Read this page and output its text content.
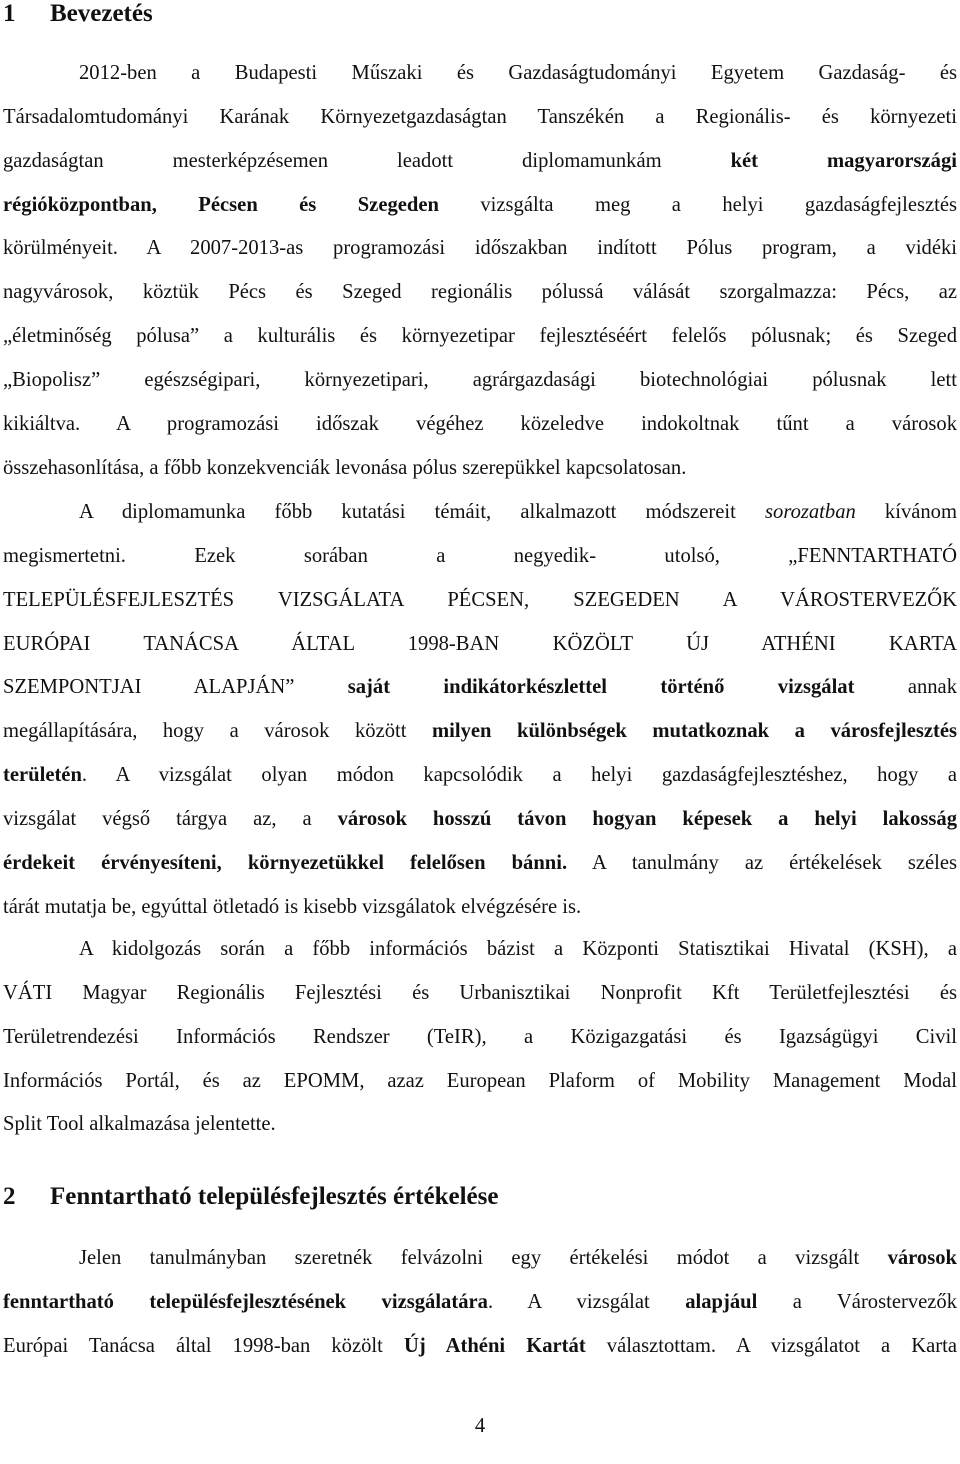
1 Bevezetés
2012-ben a Budapesti Műszaki és Gazdaságtudományi Egyetem Gazdaság- és
Társadalomtudományi Karának Környezetgazdaságtan Tanszékén a Regionális- és környezeti
gazdaságtan mesterképzésemen leadott diplomamunkám két magyarországi
régióközpontban, Pécsen és Szegeden vizsgálta meg a helyi gazdaságfejlesztés
körülményeit. A 2007-2013-as programozási időszakban indított Pólus program, a vidéki
nagyvárosok, köztük Pécs és Szeged regionális pólussá válását szorgalmazza: Pécs, az
„életminőség pólusa” a kulturális és környezetipar fejlesztéséért felelős pólusnak; és Szeged
„Biopolisz” egészségipari, környezetipari, agrárgazdasági biotechnológiai pólusnak lett
kikiáltva. A programozási időszak végéhez közeledve indokoltnak tűnt a városok
összehasonlítása, a főbb konzekvenciák levonása pólus szerepükkel kapcsolatosan.
A diplomamunka főbb kutatási témáit, alkalmazott módszereit sorozatban kívánom
megismertetni. Ezek sorában a negyedik- utolsó, „FENNTARTHATÓ
TELEPÜLÉSFEJLESZTÉS VIZSGÁLATA PÉCSEN, SZEGEDEN A VÁROSTERVEZŐK
EURÓPAI TANÁCSA ÁLTAL 1998-BAN KÖZÖLT ÚJ ATHÉNI KARTA
SZEMPONTJAI ALAPJÁN” saját indikátorkészlettel történő vizsgálat annak
megállapítására, hogy a városok között milyen különbségek mutatkoznak a városfejlesztés
területén. A vizsgálat olyan módon kapcsolódik a helyi gazdaságfejlesztéshez, hogy a
vizsgálat végső tárgya az, a városok hosszú távon hogyan képesek a helyi lakosság
érdekeit érvényesíteni, környezetükkel felelősen bánni. A tanulmány az értékelések széles
tárát mutatja be, egyúttal ötletadó is kisebb vizsgálatok elvégzésére is.
A kidolgozás során a főbb információs bázist a Központi Statisztikai Hivatal (KSH), a
VÁTI Magyar Regionális Fejlesztési és Urbanisztikai Nonprofit Kft Területfejlesztési és
Területrendezési Információs Rendszer (TeIR), a Közigazgatási és Igazságügyi Civil
Információs Portál, és az EPOMM, azaz European Plaform of Mobility Management Modal
Split Tool alkalmazása jelentette.
2 Fenntartható településfejlesztés értékelése
Jelen tanulmányban szeretnék felvázolni egy értékelési módot a vizsgált városok
fenntartható településfejlesztésének vizsgálatára. A vizsgálat alapjául a Várostervezők
Európai Tanácsa által 1998-ban közölt Új Athéni Kartát választottam. A vizsgálatot a Karta
4
